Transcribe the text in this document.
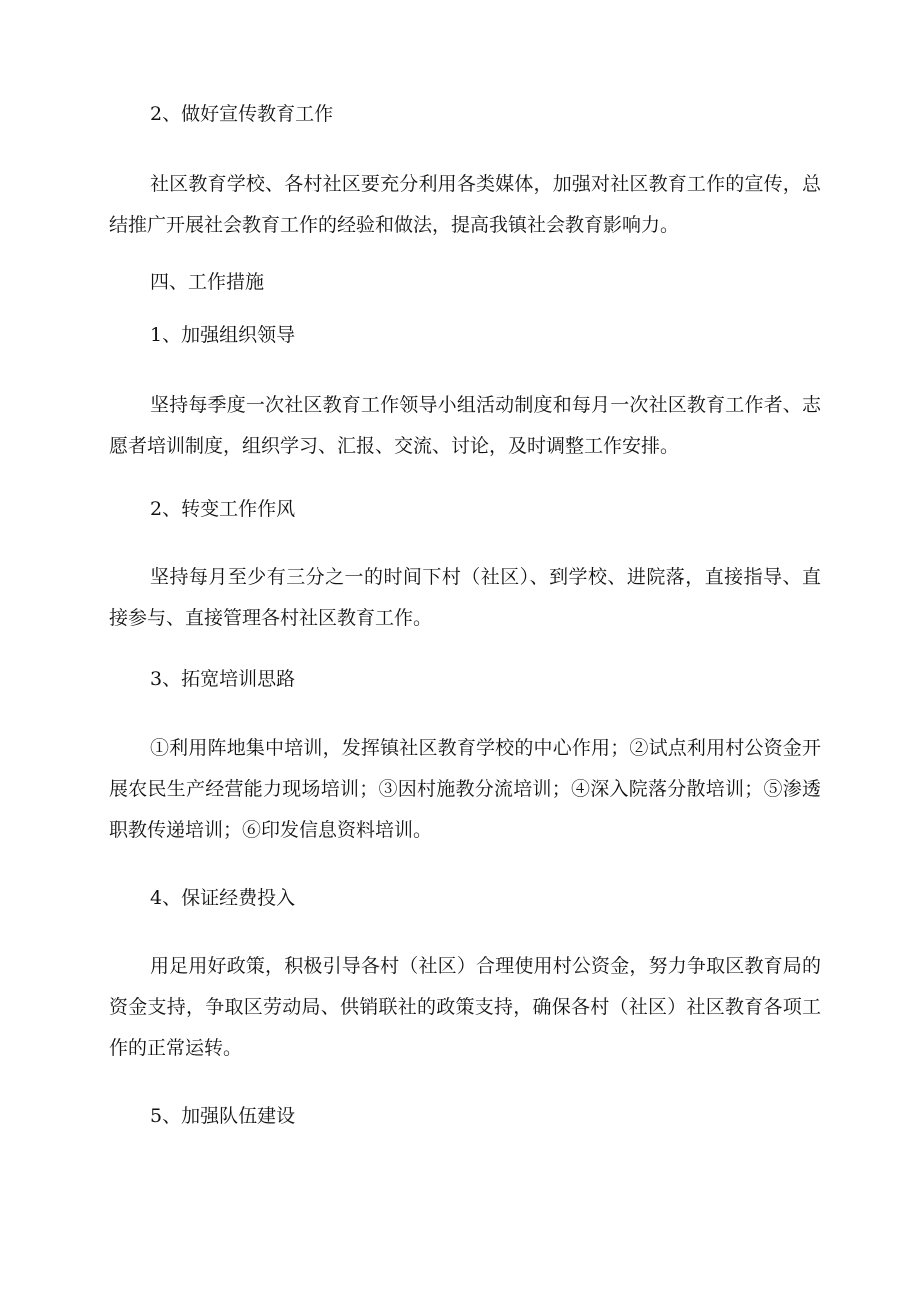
2、做好宣传教育工作
社区教育学校、各村社区要充分利用各类媒体，加强对社区教育工作的宣传，总结推广开展社会教育工作的经验和做法，提高我镇社会教育影响力。
四、工作措施
1、加强组织领导
坚持每季度一次社区教育工作领导小组活动制度和每月一次社区教育工作者、志愿者培训制度，组织学习、汇报、交流、讨论，及时调整工作安排。
2、转变工作作风
坚持每月至少有三分之一的时间下村（社区）、到学校、进院落，直接指导、直接参与、直接管理各村社区教育工作。
3、拓宽培训思路
①利用阵地集中培训，发挥镇社区教育学校的中心作用；②试点利用村公资金开展农民生产经营能力现场培训；③因村施教分流培训；④深入院落分散培训；⑤渗透职教传递培训；⑥印发信息资料培训。
4、保证经费投入
用足用好政策，积极引导各村（社区）合理使用村公资金，努力争取区教育局的资金支持，争取区劳动局、供销联社的政策支持，确保各村（社区）社区教育各项工作的正常运转。
5、加强队伍建设
